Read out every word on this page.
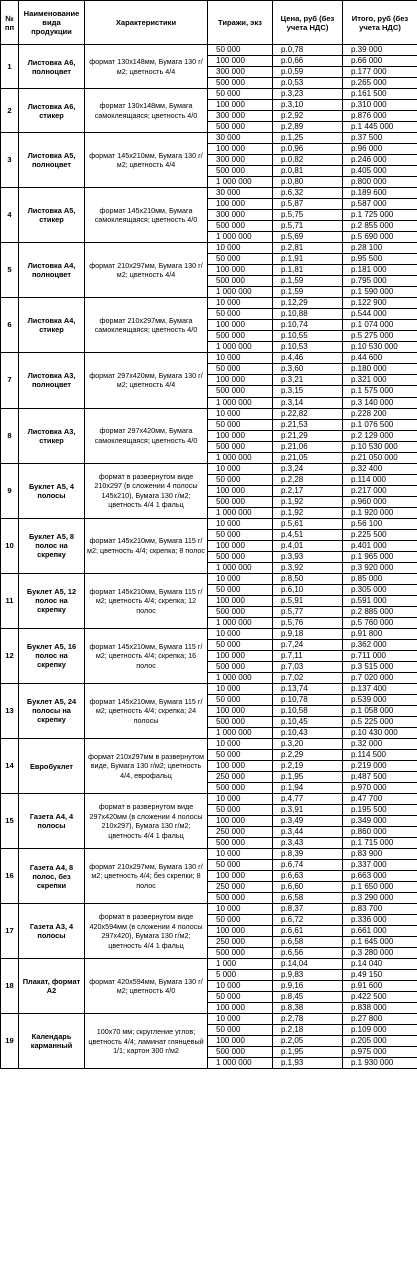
№ пп	Наименование вида продукции	Характеристики	Тиражи, экз	Цена, руб (без учета НДС)	Итого, руб (без учета НДС)
1	Листовка А6, полноцвет	формат 130х148мм, Бумага 130 г/м2; цветность 4/4	50 000	р.0,78	р.39 000
			100 000	р.0,66	р.66 000
			300 000	р.0,59	р.177 000
			500 000	р.0,53	р.265 000
2	Листовка А6, стикер	формат 130х148мм, Бумага самоклеящаяся; цветность 4/0	50 000	р.3,23	р.161 500
			100 000	р.3,10	р.310 000
			300 000	р.2,92	р.876 000
			500 000	р.2,89	р.1 445 000
3	Листовка А5, полноцвет	формат 145х210мм, Бумага 130 г/м2; цветность 4/4	30 000	р.1,25	р.37 500
			100 000	р.0,96	р.96 000
			300 000	р.0,82	р.246 000
			500 000	р.0,81	р.405 000
			1 000 000	р.0,80	р.800 000
4	Листовка А5, стикер	формат 145х210мм, Бумага самоклеящаяся; цветность 4/0	30 000	р.6,32	р.189 600
			100 000	р.5,87	р.587 000
			300 000	р.5,75	р.1 725 000
			500 000	р.5,71	р.2 855 000
			1 000 000	р.5,69	р.5 690 000
5	Листовка А4, полноцвет	формат 210х297мм, Бумага 130 г/м2; цветность 4/4	10 000	р.2,81	р.28 100
			50 000	р.1,91	р.95 500
			100 000	р.1,81	р.181 000
			500 000	р.1,59	р.795 000
			1 000 000	р.1,59	р.1 590 000
6	Листовка А4, стикер	формат 210х297мм, Бумага самоклеящаяся; цветность 4/0	10 000	р.12,29	р.122 900
			50 000	р.10,88	р.544 000
			100 000	р.10,74	р.1 074 000
			500 000	р.10,55	р.5 275 000
			1 000 000	р.10,53	р.10 530 000
7	Листовка А3, полноцвет	формат 297х420мм, Бумага 130 г/м2; цветность 4/4	10 000	р.4,46	р.44 600
			50 000	р.3,60	р.180 000
			100 000	р.3,21	р.321 000
			500 000	р.3,15	р.1 575 000
			1 000 000	р.3,14	р.3 140 000
8	Листовка А3, стикер	формат 297х420мм, Бумага самоклеящаяся; цветность 4/0	10 000	р.22,82	р.228 200
			50 000	р.21,53	р.1 076 500
			100 000	р.21,29	р.2 129 000
			500 000	р.21,06	р.10 530 000
			1 000 000	р.21,05	р.21 050 000
9	Буклет А5, 4 полосы	формат в развернутом виде 210х297 (в сложении 4 полосы 145х210), Бумага 130 г/м2; цветность 4/4 1 фальц	10 000	р.3,24	р.32 400
			50 000	р.2,28	р.114 000
			100 000	р.2,17	р.217 000
			500 000	р.1,92	р.960 000
			1 000 000	р.1,92	р.1 920 000
10	Буклет А5, 8 полос на скрепку	формат 145х210мм, Бумага 115 г/м2; цветность 4/4; скрепка; 8 полос	10 000	р.5,61	р.56 100
			50 000	р.4,51	р.225 500
			100 000	р.4,01	р.401 000
			500 000	р.3,93	р.1 965 000
			1 000 000	р.3,92	р.3 920 000
11	Буклет А5, 12 полос на скрепку	формат 145х210мм, Бумага 115 г/м2; цветность 4/4; скрепка; 12 полос	10 000	р.8,50	р.85 000
			50 000	р.6,10	р.305 000
			100 000	р.5,91	р.591 000
			500 000	р.5,77	р.2 885 000
			1 000 000	р.5,76	р.5 760 000
12	Буклет А5, 16 полос на скрепку	формат 145х210мм, Бумага 115 г/м2; цветность 4/4; скрепка; 16 полос	10 000	р.9,18	р.91 800
			50 000	р.7,24	р.362 000
			100 000	р.7,11	р.711 000
			500 000	р.7,03	р.3 515 000
			1 000 000	р.7,02	р.7 020 000
13	Буклет А5, 24 полосы на скрепку	формат 145х210мм, Бумага 115 г/м2; цветность 4/4; скрепка; 24 полосы	10 000	р.13,74	р.137 400
			50 000	р.10,78	р.539 000
			100 000	р.10,58	р.1 058 000
			500 000	р.10,45	р.5 225 000
			1 000 000	р.10,43	р.10 430 000
14	Евробуклет	формат 210х297мм в развернутом виде, Бумага 130 г/м2; цветность 4/4, еврофальц	10 000	р.3,20	р.32 000
			50 000	р.2,29	р.114 500
			100 000	р.2,19	р.219 000
			250 000	р.1,95	р.487 500
			500 000	р.1,94	р.970 000
15	Газета А4, 4 полосы	формат в развернутом виде 297х420мм (в сложении 4 полосы 210х297), Бумага 130 г/м2; цветность 4/4 1 фальц	10 000	р.4,77	р.47 700
			50 000	р.3,91	р.195 500
			100 000	р.3,49	р.349 000
			250 000	р.3,44	р.860 000
			500 000	р.3,43	р.1 715 000
16	Газета А4, 8 полос, без скрепки	формат 210х297мм, Бумага 130 г/м2; цветность 4/4; без скрепки; 8 полос	10 000	р.8,39	р.83 900
			50 000	р.6,74	р.337 000
			100 000	р.6,63	р.663 000
			250 000	р.6,60	р.1 650 000
			500 000	р.6,58	р.3 290 000
17	Газета А3, 4 полосы	формат в развернутом виде 420х594мм (в сложении 4 полосы 297х420), Бумага 130 г/м2; цветность 4/4 1 фальц	10 000	р.8,37	р.83 700
			50 000	р.6,72	р.336 000
			100 000	р.6,61	р.661 000
			250 000	р.6,58	р.1 645 000
			500 000	р.6,56	р.3 280 000
18	Плакат, формат А2	формат 420х594мм, Бумага 130 г/м2; цветность 4/0	1 000	р.14,04	р.14 040
			5 000	р.9,83	р.49 150
			10 000	р.9,16	р.91 600
			50 000	р.8,45	р.422 500
			100 000	р.8,38	р.838 000
19	Календарь карманный	100х70 мм; скругление углов; цветность 4/4; ламинат глянцевый 1/1; картон 300 г/м2	10 000	р.2,78	р.27 800
			50 000	р.2,18	р.109 000
			100 000	р.2,05	р.205 000
			500 000	р.1,95	р.975 000
			1 000 000	р.1,93	р.1 930 000
